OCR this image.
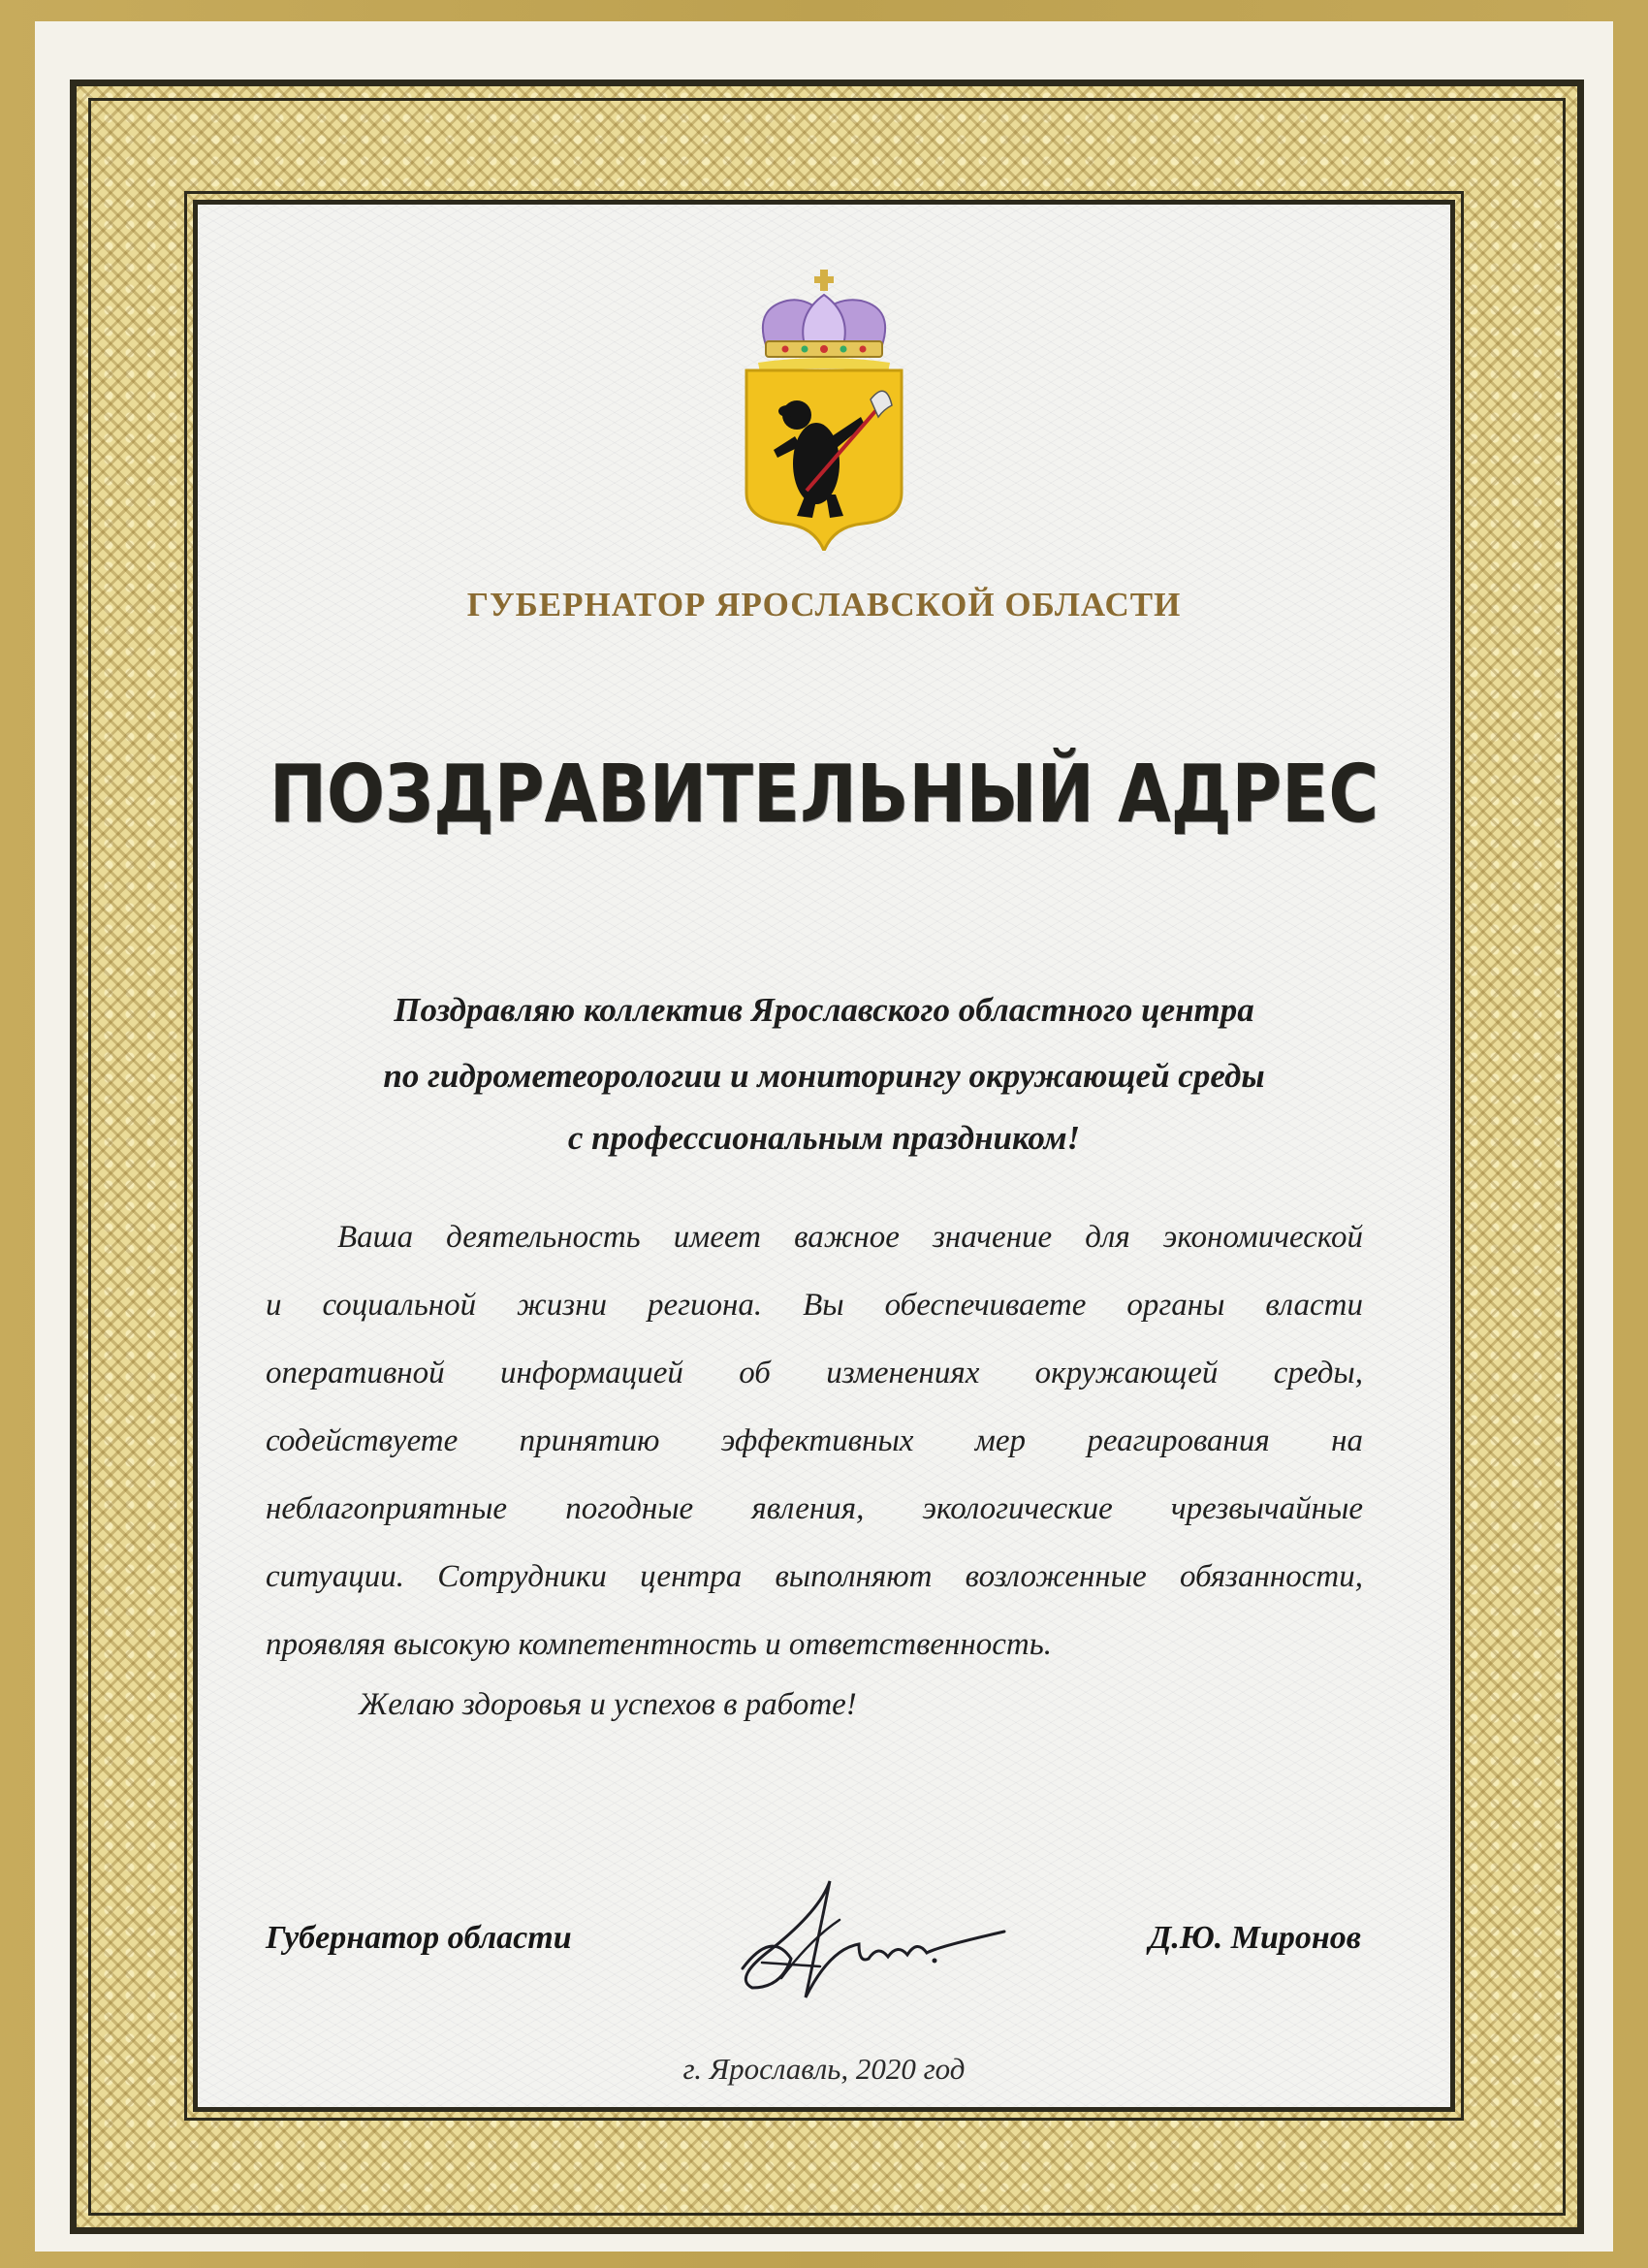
ГУБЕРНАТОР ЯРОСЛАВСКОЙ ОБЛАСТИ
ПОЗДРАВИТЕЛЬНЫЙ АДРЕС
Поздравляю коллектив Ярославского областного центра
по гидрометеорологии и мониторингу окружающей среды
с профессиональным праздником!
Ваша деятельность имеет важное значение для экономической
и социальной жизни региона. Вы обеспечиваете органы власти
оперативной информацией об изменениях окружающей среды,
содействуете принятию эффективных мер реагирования на
неблагоприятные погодные явления, экологические чрезвычайные
ситуации. Сотрудники центра выполняют возложенные обязанности,
проявляя высокую компетентность и ответственность.
Желаю здоровья и успехов в работе!
Губернатор области	Д.Ю. Миронов
г. Ярославль, 2020 год
